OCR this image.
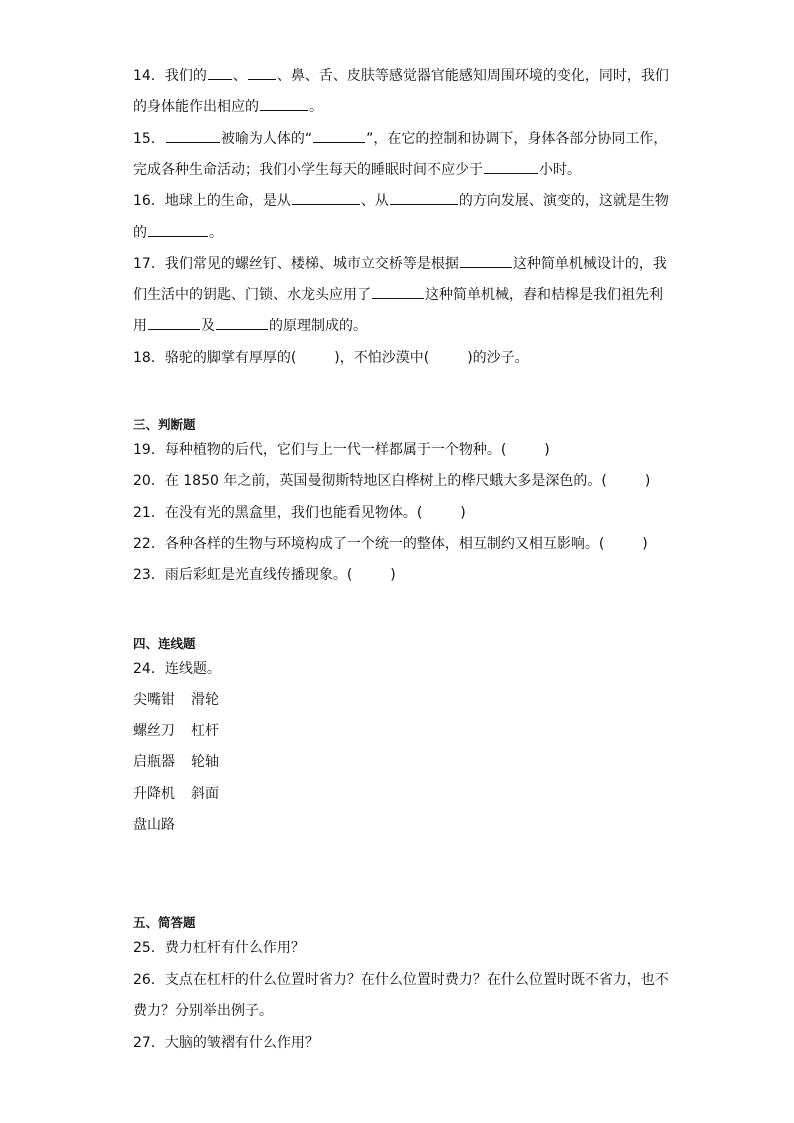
14．我们的 、 、鼻、舌、皮肤等感觉器官能感知周围环境的变化，同时，我们
的身体能作出相应的	。
15．	被喻为人体的“	”，在它的控制和协调下，身体各部分协同工作，
完成各种生命活动；我们小学生每天的睡眠时间不应少于	小时。
16．地球上的生命，是从	、从	的方向发展、演变的，这就是生物
的	。
17．我们常见的螺丝钉、楼梯、城市立交桥等是根据	这种简单机械设计的，我
们生活中的钥匙、门锁、水龙头应用了	这种简单机械，舂和桔槔是我们祖先利
用	及	的原理制成的。
18．骆驼的脚掌有厚厚的(	)，不怕沙漠中(	)的沙子。
三、判断题
19．每种植物的后代，它们与上一代一样都属于一个物种。(	)
20．在 1850 年之前，英国曼彻斯特地区白桦树上的桦尺蛾大多是深色的。(	)
21．在没有光的黑盒里，我们也能看见物体。(	)
22．各种各样的生物与环境构成了一个统一的整体，相互制约又相互影响。(	)
23．雨后彩虹是光直线传播现象。(	)
四、连线题
24．连线题。
尖嘴钳 滑轮
螺丝刀 杠杆
启瓶器 轮轴
升降机 斜面
盘山路
五、简答题
25．费力杠杆有什么作用？
26．支点在杠杆的什么位置时省力？在什么位置时费力？在什么位置时既不省力，也不
费力？分别举出例子。
27．大脑的皱褶有什么作用？
